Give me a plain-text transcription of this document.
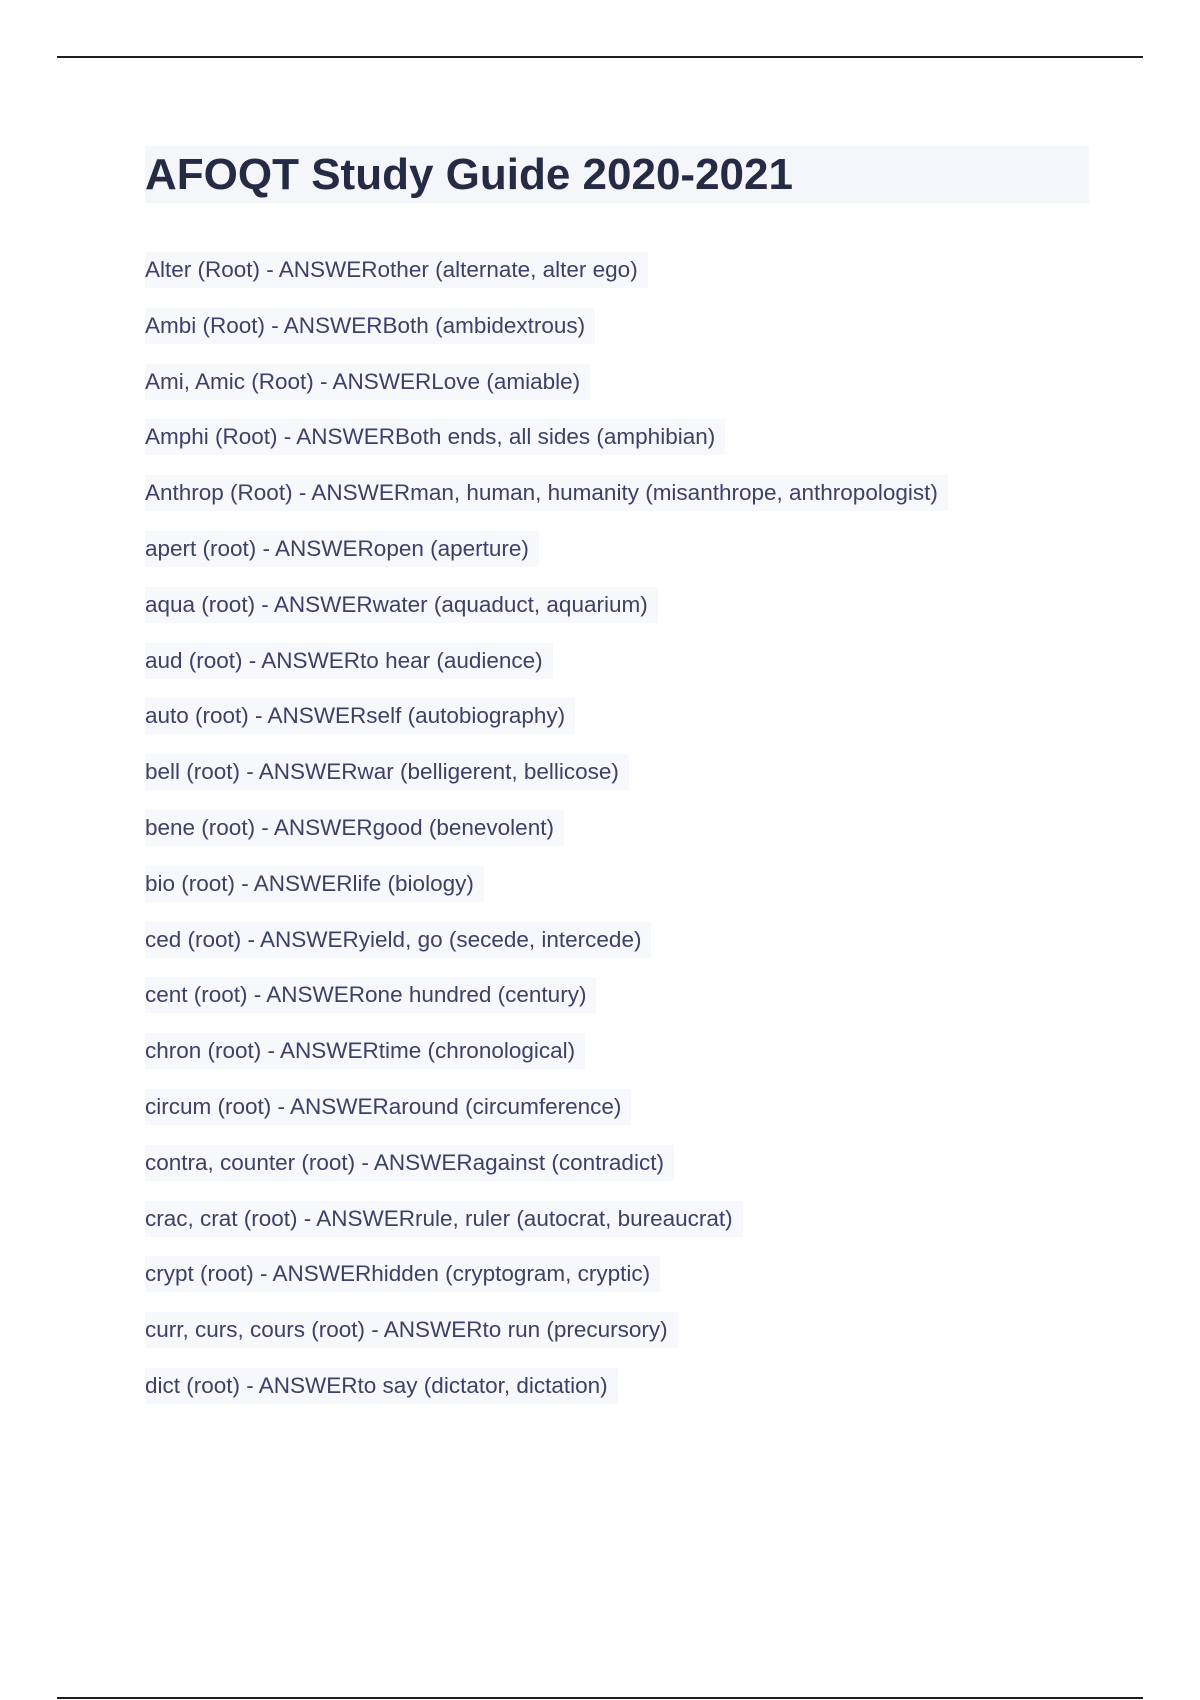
AFOQT Study Guide 2020-2021
Alter (Root) - ANSWERother (alternate, alter ego)
Ambi (Root) - ANSWERBoth (ambidextrous)
Ami, Amic (Root) - ANSWERLove (amiable)
Amphi (Root) - ANSWERBoth ends, all sides (amphibian)
Anthrop (Root) - ANSWERman, human, humanity (misanthrope, anthropologist)
apert (root) - ANSWERopen (aperture)
aqua (root) - ANSWERwater (aquaduct, aquarium)
aud (root) - ANSWERto hear (audience)
auto (root) - ANSWERself (autobiography)
bell (root) - ANSWERwar (belligerent, bellicose)
bene (root) - ANSWERgood (benevolent)
bio (root) - ANSWERlife (biology)
ced (root) - ANSWERyield, go (secede, intercede)
cent (root) - ANSWERone hundred (century)
chron (root) - ANSWERtime (chronological)
circum (root) - ANSWERaround (circumference)
contra, counter (root) - ANSWERagainst (contradict)
crac, crat (root) - ANSWERrule, ruler (autocrat, bureaucrat)
crypt (root) - ANSWERhidden (cryptogram, cryptic)
curr, curs, cours (root) - ANSWERto run (precursory)
dict (root) - ANSWERto say (dictator, dictation)
